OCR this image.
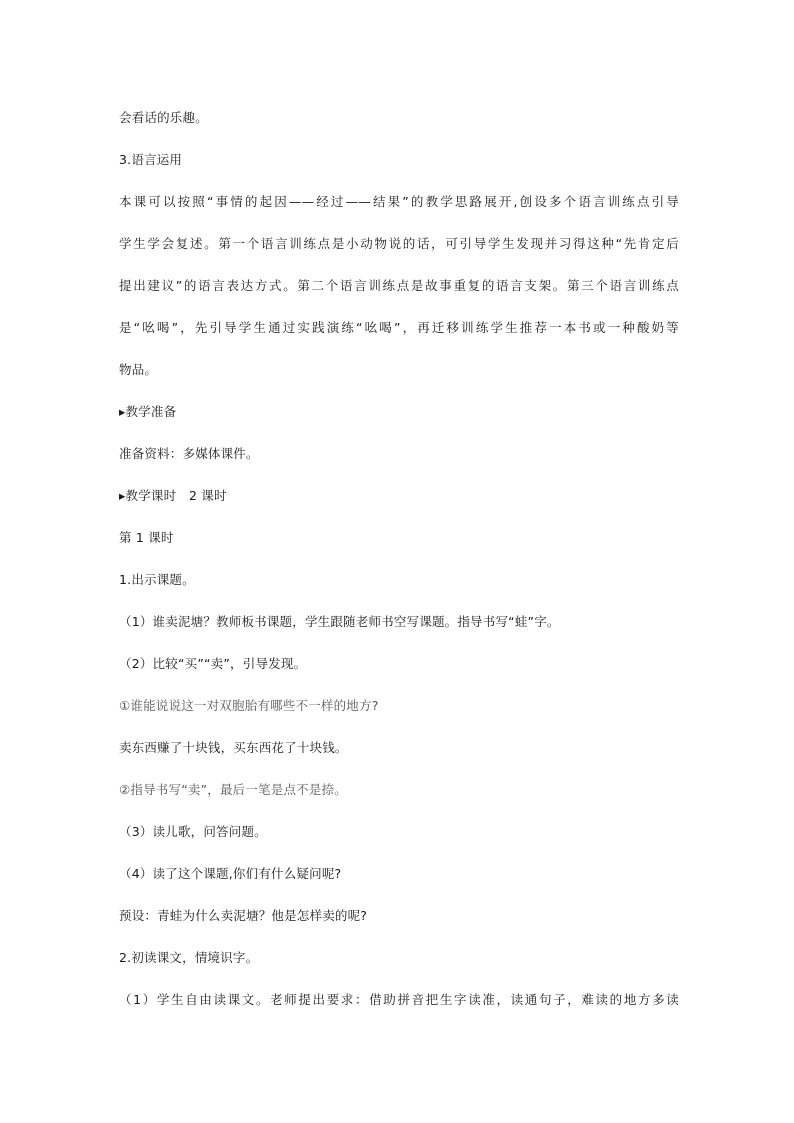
会看话的乐趣。
3.语言运用
本课可以按照“事情的起因——经过——结果”的教学思路展开,创设多个语言训练点引导
学生学会复述。第一个语言训练点是小动物说的话，可引导学生发现并习得这种“先肯定后
提出建议”的语言表达方式。第二个语言训练点是故事重复的语言支架。第三个语言训练点
是“吆喝”，先引导学生通过实践演练“吆喝”，再迁移训练学生推荐一本书或一种酸奶等
物品。
▸教学准备
准备资料：多媒体课件。
▸教学课时　2 课时
第 1 课时
1.出示课题。
（1）谁卖泥塘？教师板书课题，学生跟随老师书空写课题。指导书写“蛙”字。
（2）比较“买”“卖”，引导发现。
①谁能说说这一对双胞胎有哪些不一样的地方?
卖东西赚了十块钱，买东西花了十块钱。
②指导书写“卖”，最后一笔是点不是捺。
（3）读儿歌，问答问题。
（4）读了这个课题,你们有什么疑问呢?
预设：青蛙为什么卖泥塘？他是怎样卖的呢?
2.初读课文，情境识字。
（1）学生自由读课文。老师提出要求：借助拼音把生字读准，读通句子，难读的地方多读
